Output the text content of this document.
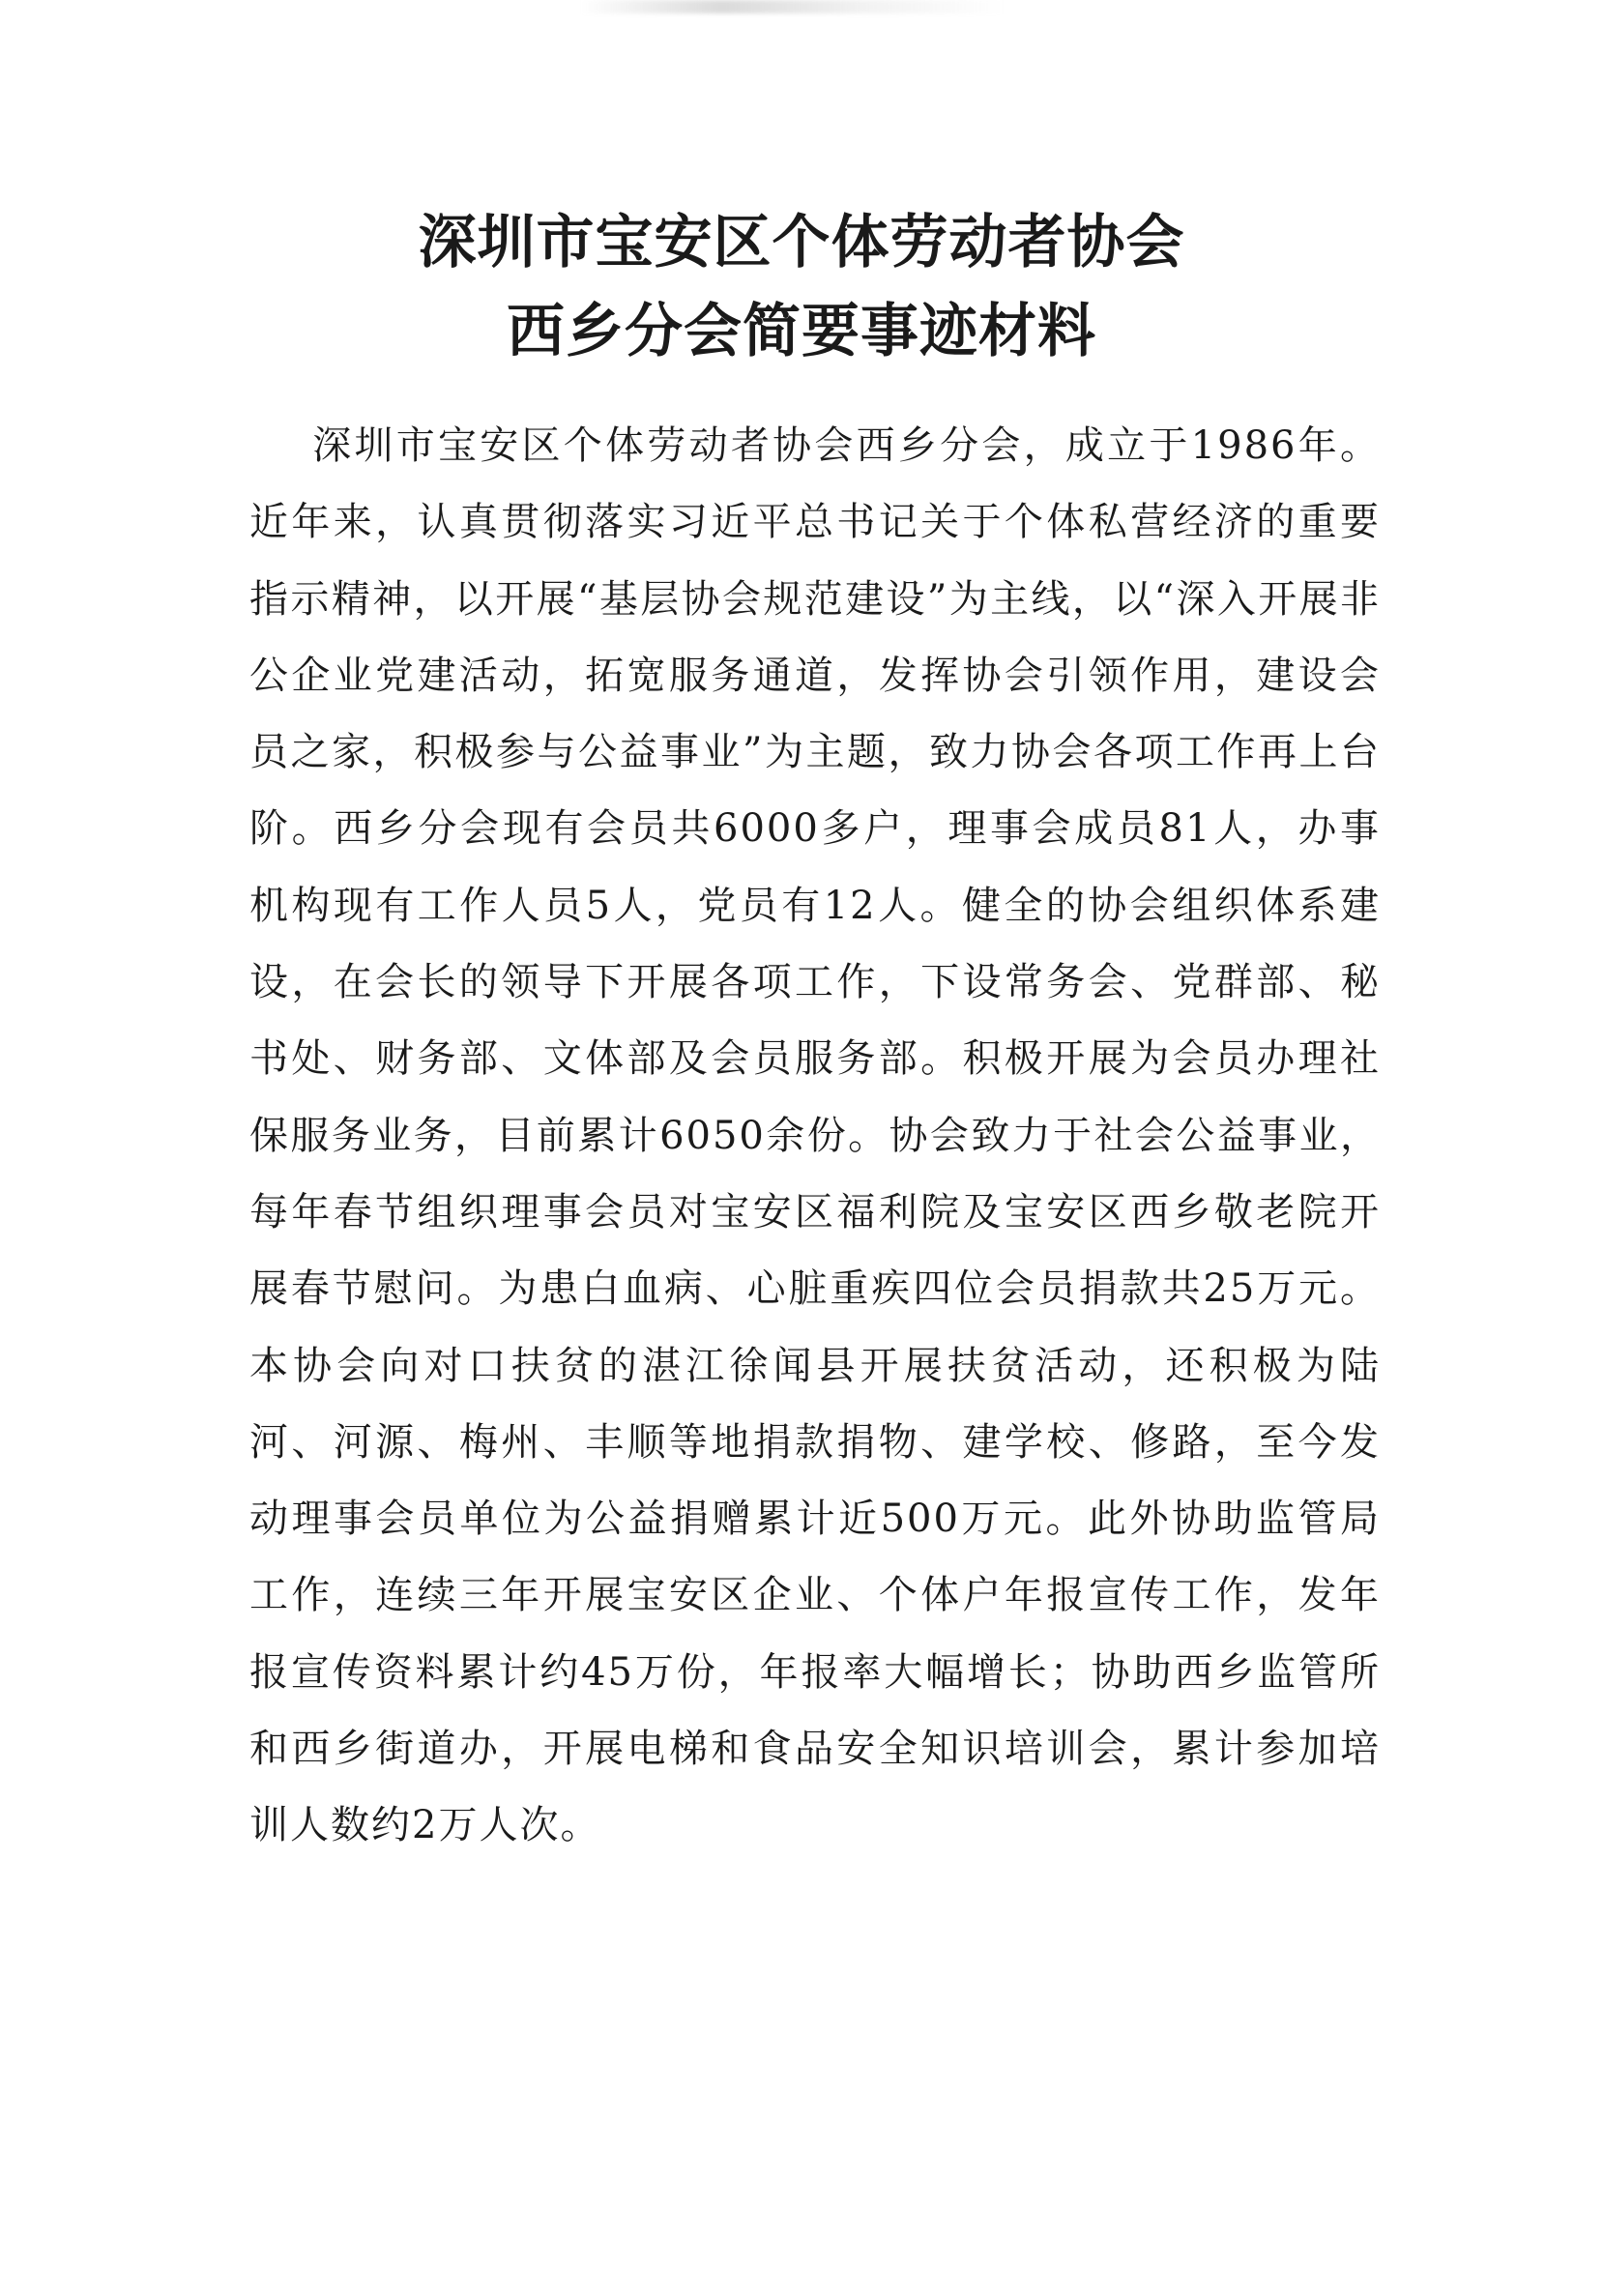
深圳市宝安区个体劳动者协会
西乡分会简要事迹材料

深圳市宝安区个体劳动者协会西乡分会，成立于1986年。近年来，认真贯彻落实习近平总书记关于个体私营经济的重要指示精神，以开展“基层协会规范建设”为主线，以“深入开展非公企业党建活动，拓宽服务通道，发挥协会引领作用，建设会员之家，积极参与公益事业”为主题，致力协会各项工作再上台阶。西乡分会现有会员共6000多户，理事会成员81人，办事机构现有工作人员5人，党员有12人。健全的协会组织体系建设，在会长的领导下开展各项工作，下设常务会、党群部、秘书处、财务部、文体部及会员服务部。积极开展为会员办理社保服务业务，目前累计6050余份。协会致力于社会公益事业，每年春节组织理事会员对宝安区福利院及宝安区西乡敬老院开展春节慰问。为患白血病、心脏重疾四位会员捐款共25万元。本协会向对口扶贫的湛江徐闻县开展扶贫活动，还积极为陆河、河源、梅州、丰顺等地捐款捐物、建学校、修路，至今发动理事会员单位为公益捐赠累计近500万元。此外协助监管局工作，连续三年开展宝安区企业、个体户年报宣传工作，发年报宣传资料累计约45万份，年报率大幅增长；协助西乡监管所和西乡街道办，开展电梯和食品安全知识培训会，累计参加培训人数约2万人次。
